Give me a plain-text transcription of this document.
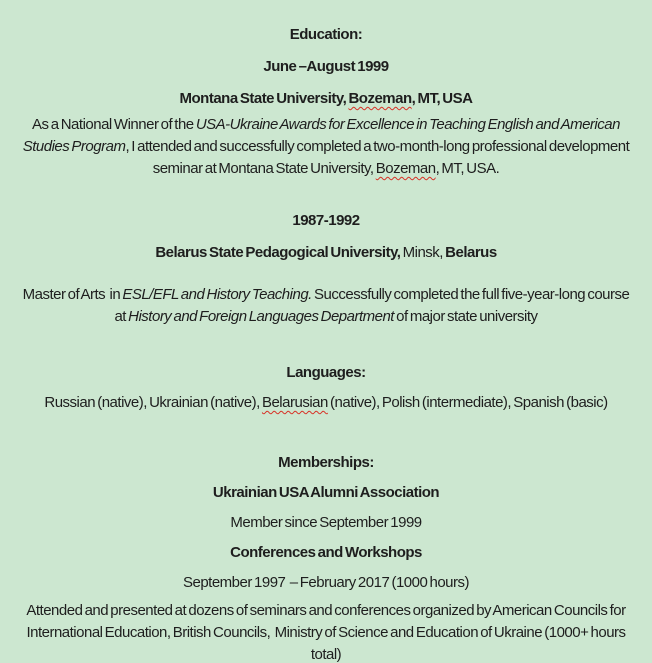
Education:

June –August 1999

Montana State University, Bozeman, MT, USA

As a National Winner of the USA-Ukraine Awards for Excellence in Teaching English and American Studies Program, I attended and successfully completed a two-month-long professional development seminar at Montana State University, Bozeman, MT, USA.

1987-1992

Belarus State Pedagogical University, Minsk, Belarus

Master of Arts  in ESL/EFL and History Teaching. Successfully completed the full five-year-long course at History and Foreign Languages Department of major state university

Languages:

Russian (native), Ukrainian (native), Belarusian (native), Polish (intermediate), Spanish (basic)

Memberships:

Ukrainian USA Alumni Association

Member since September 1999

Conferences and Workshops

September 1997  – February 2017 (1000 hours)

Attended and presented at dozens of seminars and conferences organized by American Councils for International Education, British Councils,  Ministry of Science and Education of Ukraine (1000+ hours total)
